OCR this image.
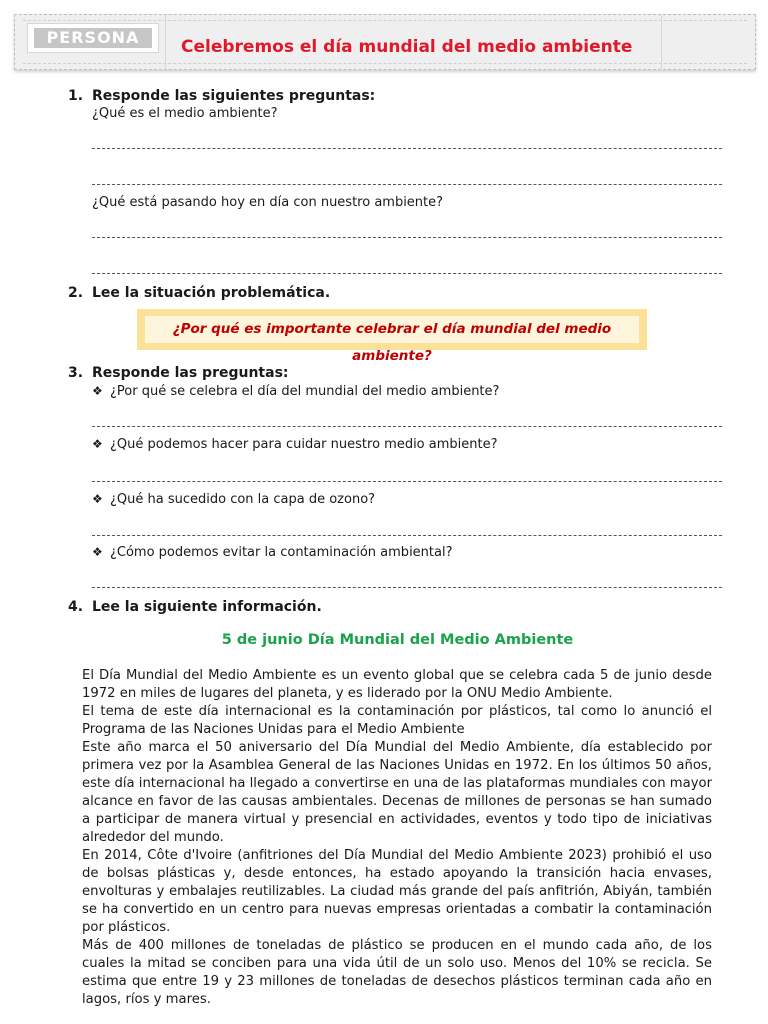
PERSONA	Celebremos el día mundial del medio ambiente
1. Responde las siguientes preguntas:
¿Qué es el medio ambiente?
¿Qué está pasando hoy en día con nuestro ambiente?
2. Lee la situación problemática.
¿Por qué es importante celebrar el día mundial del medio ambiente?
3. Responde las preguntas:
❖ ¿Por qué se celebra el día del mundial del medio ambiente?
❖ ¿Qué podemos hacer para cuidar nuestro medio ambiente?
❖ ¿Qué ha sucedido con la capa de ozono?
❖ ¿Cómo podemos evitar la contaminación ambiental?
4. Lee la siguiente información.
5 de junio Día Mundial del Medio Ambiente

El Día Mundial del Medio Ambiente es un evento global que se celebra cada 5 de junio desde 1972 en miles de lugares del planeta, y es liderado por la ONU Medio Ambiente.

El tema de este día internacional es la contaminación por plásticos, tal como lo anunció el Programa de las Naciones Unidas para el Medio Ambiente

Este año marca el 50 aniversario del Día Mundial del Medio Ambiente, día establecido por primera vez por la Asamblea General de las Naciones Unidas en 1972. En los últimos 50 años, este día internacional ha llegado a convertirse en una de las plataformas mundiales con mayor alcance en favor de las causas ambientales. Decenas de millones de personas se han sumado a participar de manera virtual y presencial en actividades, eventos y todo tipo de iniciativas alrededor del mundo.

En 2014, Côte d'Ivoire (anfitriones del Día Mundial del Medio Ambiente 2023) prohibió el uso de bolsas plásticas y, desde entonces, ha estado apoyando la transición hacia envases, envolturas y embalajes reutilizables. La ciudad más grande del país anfitrión, Abiyán, también se ha convertido en un centro para nuevas empresas orientadas a combatir la contaminación por plásticos.

Más de 400 millones de toneladas de plástico se producen en el mundo cada año, de los cuales la mitad se conciben para una vida útil de un solo uso. Menos del 10% se recicla. Se estima que entre 19 y 23 millones de toneladas de desechos plásticos terminan cada año en lagos, ríos y mares.
